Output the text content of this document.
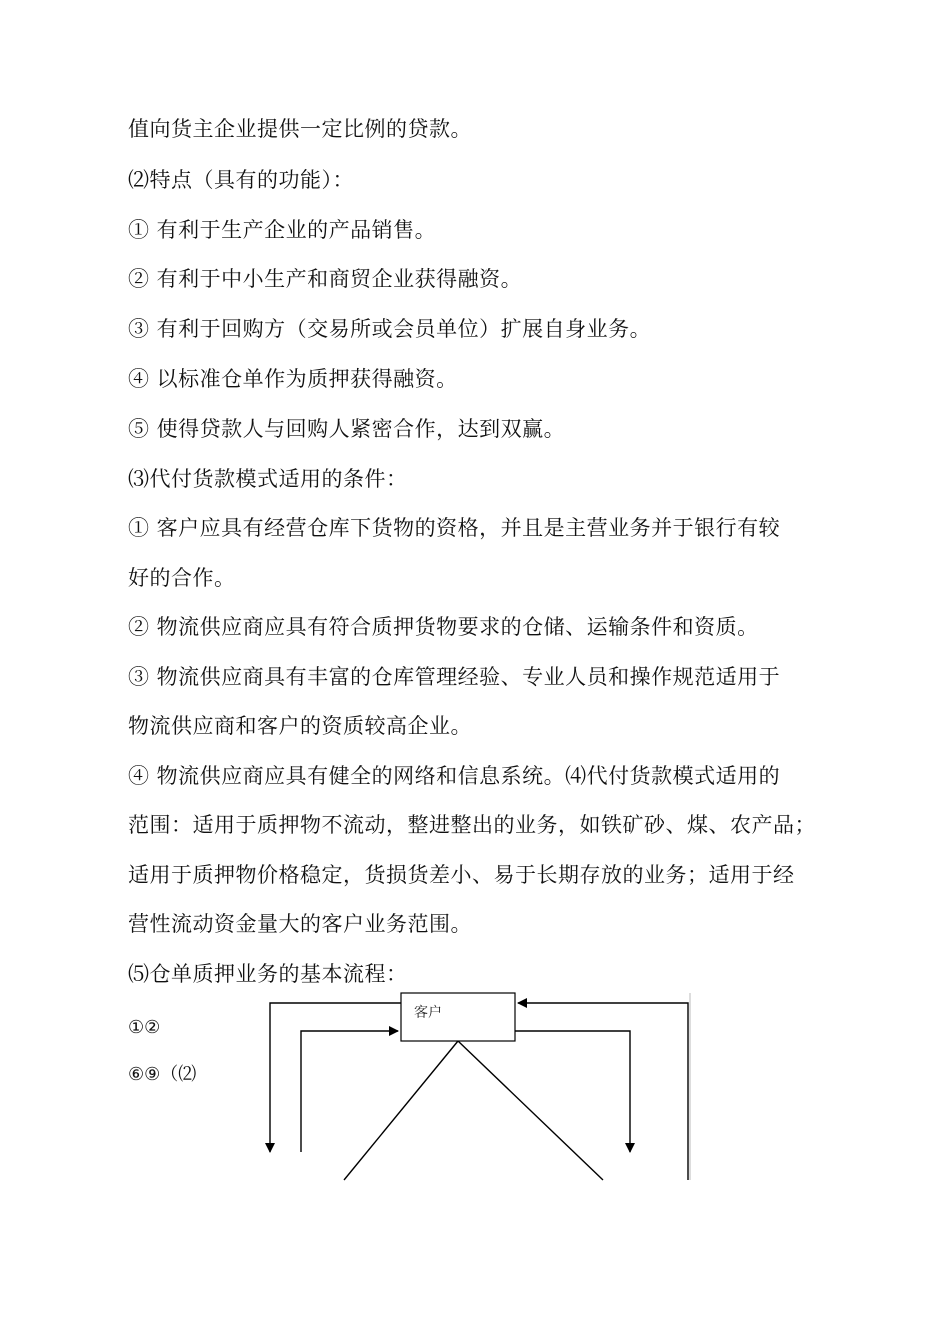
值向货主企业提供一定比例的贷款。
⑵特点（具有的功能）：
① 有利于生产企业的产品销售。
② 有利于中小生产和商贸企业获得融资。
③ 有利于回购方（交易所或会员单位）扩展自身业务。
④ 以标准仓单作为质押获得融资。
⑤ 使得贷款人与回购人紧密合作，达到双赢。
⑶代付货款模式适用的条件：
① 客户应具有经营仓库下货物的资格，并且是主营业务并于银行有较
好的合作。
② 物流供应商应具有符合质押货物要求的仓储、运输条件和资质。
③ 物流供应商具有丰富的仓库管理经验、专业人员和操作规范适用于
物流供应商和客户的资质较高企业。
④ 物流供应商应具有健全的网络和信息系统。⑷代付货款模式适用的
范围：适用于质押物不流动，整进整出的业务，如铁矿砂、煤、农产品；
适用于质押物价格稳定，货损货差小、易于长期存放的业务；适用于经
营性流动资金量大的客户业务范围。
⑸仓单质押业务的基本流程：
①②
⑥⑨（⑵
客户
